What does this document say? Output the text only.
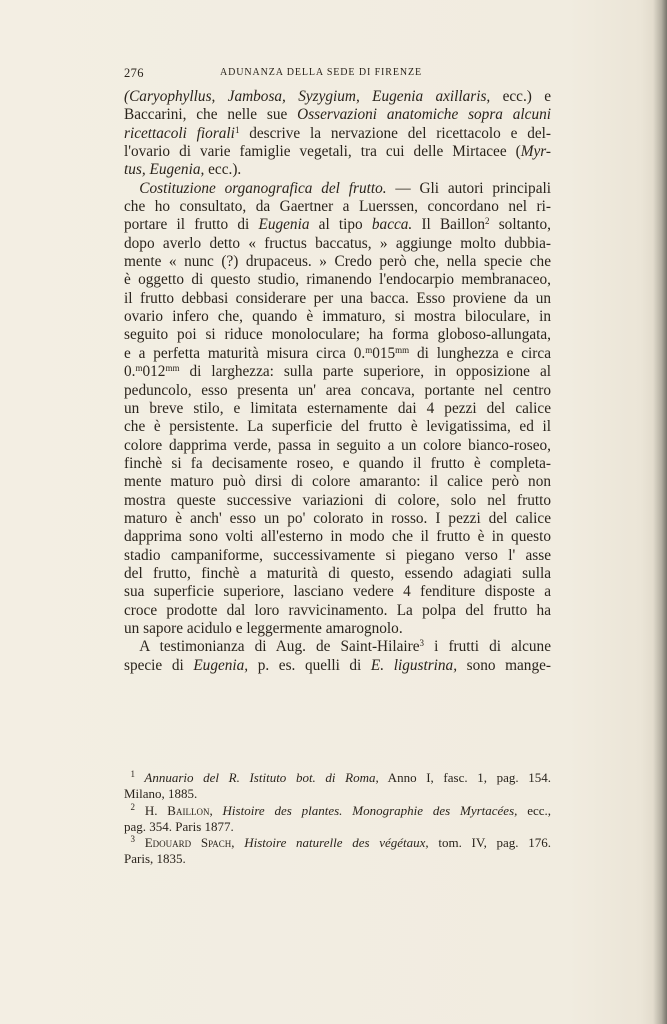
276	ADUNANZA DELLA SEDE DI FIRENZE
(Caryophyllus, Jambosa, Syzygium, Eugenia axillaris, ecc.) e
Baccarini, che nelle sue Osservazioni anatomiche sopra alcuni
ricettacoli fiorali$^1$ descrive la nervazione del ricettacolo e del-
l'ovario di varie famiglie vegetali, tra cui delle Mirtacee (Myr-
tus, Eugenia, ecc.).
 Costituzione organografica del frutto. — Gli autori principali
che ho consultato, da Gaertner a Luerssen, concordano nel ri-
portare il frutto di Eugenia al tipo bacca. Il Baillon$^2$ soltanto,
dopo averlo detto « fructus baccatus, » aggiunge molto dubbia-
mente « nunc (?) drupaceus. » Credo però che, nella specie che
è oggetto di questo studio, rimanendo l'endocarpio membranaceo,
il frutto debbasi considerare per una bacca. Esso proviene da un
ovario infero che, quando è immaturo, si mostra biloculare, in
seguito poi si riduce monoloculare; ha forma globoso-allungata,
e a perfetta maturità misura circa $0.^m015^{mm}$ di lunghezza e circa
$0.^m012^{mm}$ di larghezza: sulla parte superiore, in opposizione al
peduncolo, esso presenta un' area concava, portante nel centro
un breve stilo, e limitata esternamente dai 4 pezzi del calice
che è persistente. La superficie del frutto è levigatissima, ed il
colore dapprima verde, passa in seguito a un colore bianco-roseo,
finchè si fa decisamente roseo, e quando il frutto è completa-
mente maturo può dirsi di colore amaranto: il calice però non
mostra queste successive variazioni di colore, solo nel frutto
maturo è anch' esso un po' colorato in rosso. I pezzi del calice
dapprima sono volti all'esterno in modo che il frutto è in questo
stadio campaniforme, successivamente si piegano verso l' asse
del frutto, finchè a maturità di questo, essendo adagiati sulla
sua superficie superiore, lasciano vedere 4 fenditure disposte a
croce prodotte dal loro ravvicinamento. La polpa del frutto ha
un sapore acidulo e leggermente amarognolo.
 A testimonianza di Aug. de Saint-Hilaire$^3$ i frutti di alcune
specie di Eugenia, p. es. quelli di E. ligustrina, sono mange-
 $^1$ Annuario del R. Istituto bot. di Roma, Anno I, fasc. 1, pag. 154.
Milano, 1885.
 $^2$ H. Baillon, Histoire des plantes. Monographie des Myrtacées, ecc.,
pag. 354. Paris 1877.
 $^3$ Edouard Spach, Histoire naturelle des végétaux, tom. IV, pag. 176.
Paris, 1835.
